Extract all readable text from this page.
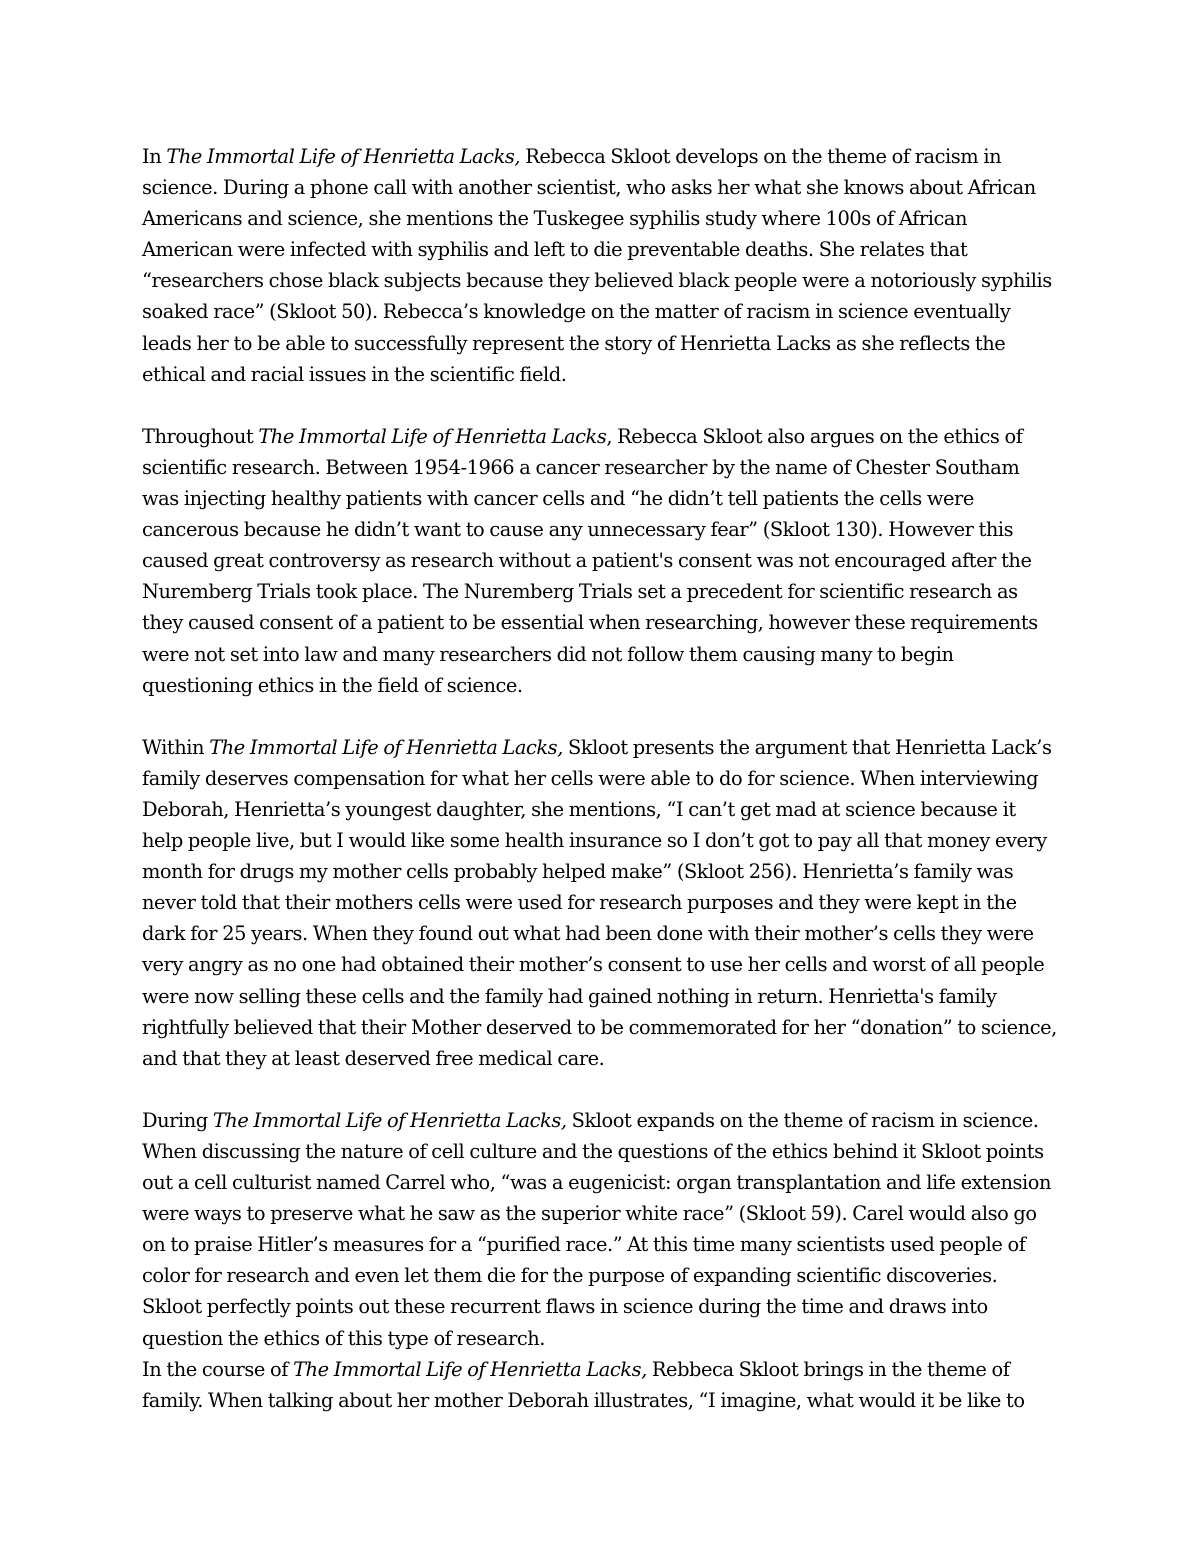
In The Immortal Life of Henrietta Lacks, Rebecca Skloot develops on the theme of racism in science. During a phone call with another scientist, who asks her what she knows about African Americans and science, she mentions the Tuskegee syphilis study where 100s of African American were infected with syphilis and left to die preventable deaths. She relates that “researchers chose black subjects because they believed black people were a notoriously syphilis soaked race” (Skloot 50). Rebecca’s knowledge on the matter of racism in science eventually leads her to be able to successfully represent the story of Henrietta Lacks as she reflects the ethical and racial issues in the scientific field.

Throughout The Immortal Life of Henrietta Lacks, Rebecca Skloot also argues on the ethics of scientific research. Between 1954-1966 a cancer researcher by the name of Chester Southam was injecting healthy patients with cancer cells and “he didn’t tell patients the cells were cancerous because he didn’t want to cause any unnecessary fear” (Skloot 130). However this caused great controversy as research without a patient's consent was not encouraged after the Nuremberg Trials took place. The Nuremberg Trials set a precedent for scientific research as they caused consent of a patient to be essential when researching, however these requirements were not set into law and many researchers did not follow them causing many to begin questioning ethics in the field of science.

Within The Immortal Life of Henrietta Lacks, Skloot presents the argument that Henrietta Lack’s family deserves compensation for what her cells were able to do for science. When interviewing Deborah, Henrietta’s youngest daughter, she mentions, “I can’t get mad at science because it help people live, but I would like some health insurance so I don’t got to pay all that money every month for drugs my mother cells probably helped make” (Skloot 256). Henrietta’s family was never told that their mothers cells were used for research purposes and they were kept in the dark for 25 years. When they found out what had been done with their mother’s cells they were very angry as no one had obtained their mother’s consent to use her cells and worst of all people were now selling these cells and the family had gained nothing in return. Henrietta's family rightfully believed that their Mother deserved to be commemorated for her “donation” to science, and that they at least deserved free medical care.

During The Immortal Life of Henrietta Lacks, Skloot expands on the theme of racism in science. When discussing the nature of cell culture and the questions of the ethics behind it Skloot points out a cell culturist named Carrel who, “was a eugenicist: organ transplantation and life extension were ways to preserve what he saw as the superior white race” (Skloot 59). Carel would also go on to praise Hitler’s measures for a “purified race.” At this time many scientists used people of color for research and even let them die for the purpose of expanding scientific discoveries. Skloot perfectly points out these recurrent flaws in science during the time and draws into question the ethics of this type of research.

In the course of The Immortal Life of Henrietta Lacks, Rebbeca Skloot brings in the theme of family. When talking about her mother Deborah illustrates, “I imagine, what would it be like to
